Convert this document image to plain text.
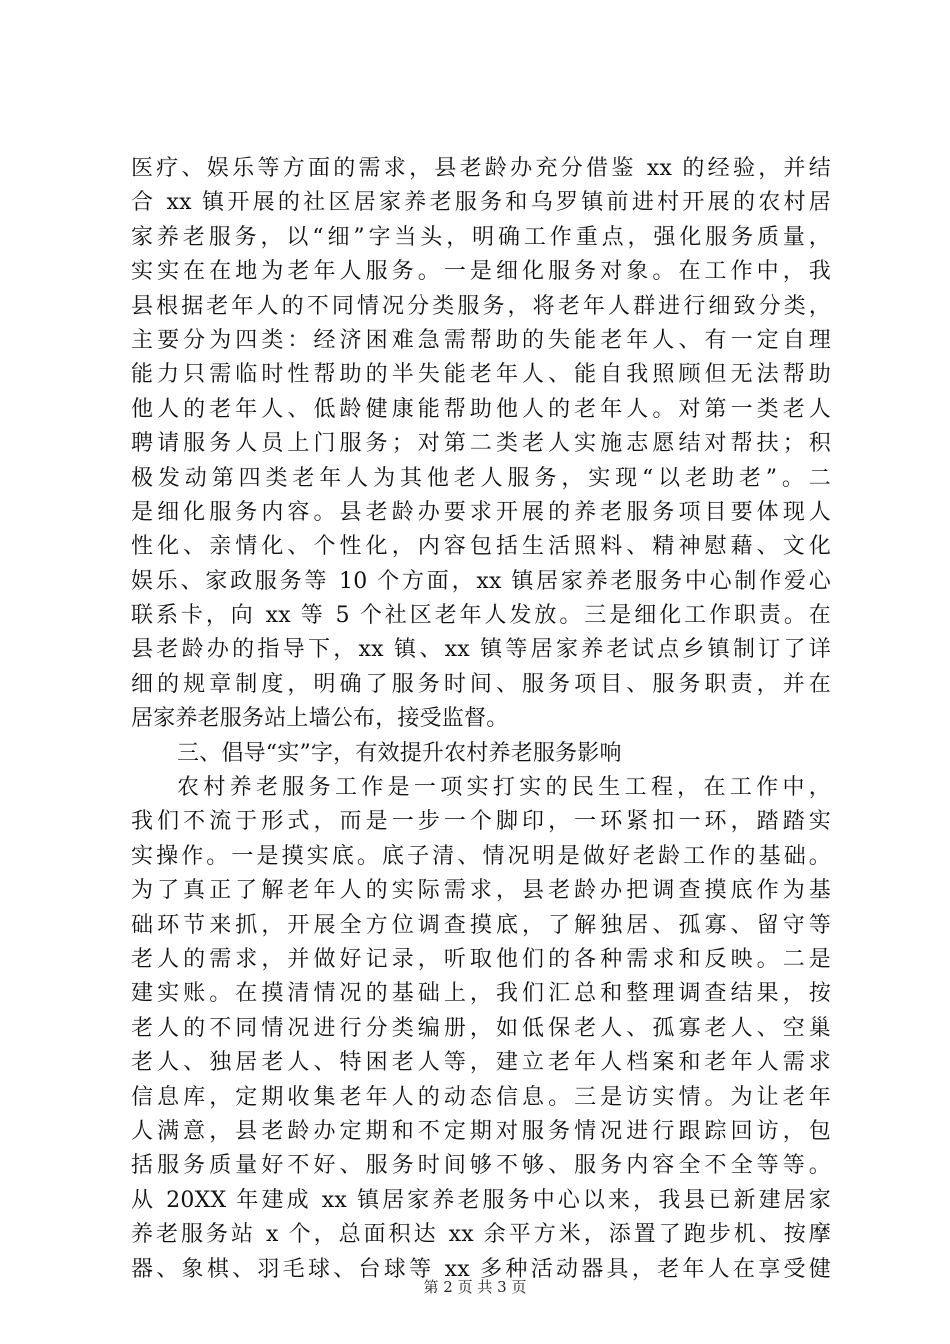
医疗、娱乐等方面的需求，县老龄办充分借鉴 xx 的经验，并结
合 xx 镇开展的社区居家养老服务和乌罗镇前进村开展的农村居
家养老服务，以“细”字当头，明确工作重点，强化服务质量，
实实在在地为老年人服务。一是细化服务对象。在工作中，我
县根据老年人的不同情况分类服务，将老年人群进行细致分类，
主要分为四类：经济困难急需帮助的失能老年人、有一定自理
能力只需临时性帮助的半失能老年人、能自我照顾但无法帮助
他人的老年人、低龄健康能帮助他人的老年人。对第一类老人
聘请服务人员上门服务；对第二类老人实施志愿结对帮扶；积
极发动第四类老年人为其他老人服务，实现“以老助老”。二
是细化服务内容。县老龄办要求开展的养老服务项目要体现人
性化、亲情化、个性化，内容包括生活照料、精神慰藉、文化
娱乐、家政服务等 10 个方面，xx 镇居家养老服务中心制作爱心
联系卡，向 xx 等 5 个社区老年人发放。三是细化工作职责。在
县老龄办的指导下，xx 镇、xx 镇等居家养老试点乡镇制订了详
细的规章制度，明确了服务时间、服务项目、服务职责，并在
居家养老服务站上墙公布，接受监督。
三、倡导“实”字，有效提升农村养老服务影响
农村养老服务工作是一项实打实的民生工程，在工作中，
我们不流于形式，而是一步一个脚印，一环紧扣一环，踏踏实
实操作。一是摸实底。底子清、情况明是做好老龄工作的基础。
为了真正了解老年人的实际需求，县老龄办把调查摸底作为基
础环节来抓，开展全方位调查摸底，了解独居、孤寡、留守等
老人的需求，并做好记录，听取他们的各种需求和反映。二是
建实账。在摸清情况的基础上，我们汇总和整理调查结果，按
老人的不同情况进行分类编册，如低保老人、孤寡老人、空巢
老人、独居老人、特困老人等，建立老年人档案和老年人需求
信息库，定期收集老年人的动态信息。三是访实情。为让老年
人满意，县老龄办定期和不定期对服务情况进行跟踪回访，包
括服务质量好不好、服务时间够不够、服务内容全不全等等。
从 20XX 年建成 xx 镇居家养老服务中心以来，我县已新建居家
养老服务站 x 个，总面积达 xx 余平方米，添置了跑步机、按摩
器、象棋、羽毛球、台球等 xx 多种活动器具，老年人在享受健
第 2 页 共 3 页
